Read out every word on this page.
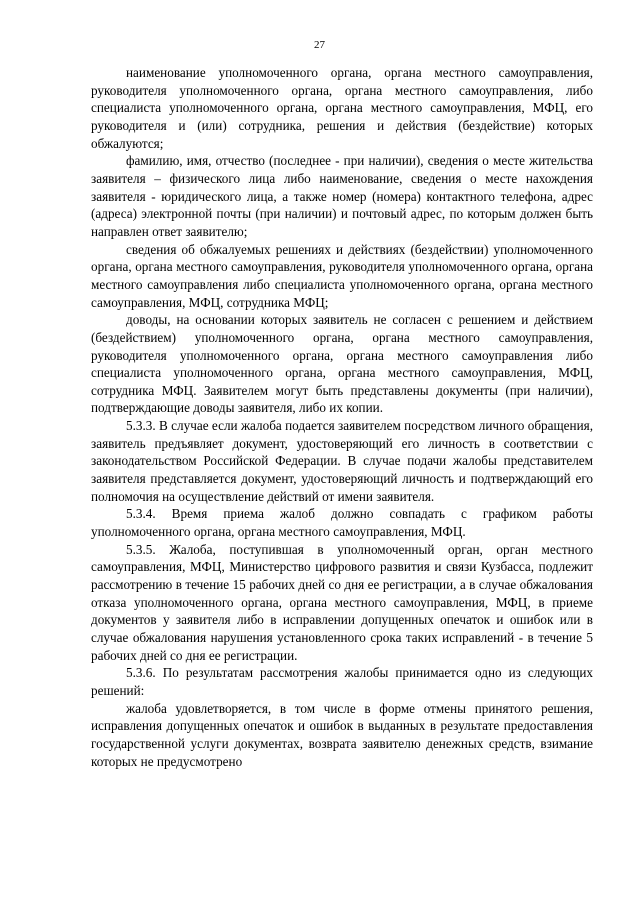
27

наименование уполномоченного органа, органа местного самоуправления, руководителя уполномоченного органа, органа местного самоуправления, либо специалиста уполномоченного органа, органа местного самоуправления, МФЦ, его руководителя и (или) сотрудника, решения и действия (бездействие) которых обжалуются;

фамилию, имя, отчество (последнее - при наличии), сведения о месте жительства заявителя – физического лица либо наименование, сведения о месте нахождения заявителя - юридического лица, а также номер (номера) контактного телефона, адрес (адреса) электронной почты (при наличии) и почтовый адрес, по которым должен быть направлен ответ заявителю;

сведения об обжалуемых решениях и действиях (бездействии) уполномоченного органа, органа местного самоуправления, руководителя уполномоченного органа, органа местного самоуправления либо специалиста уполномоченного органа, органа местного самоуправления, МФЦ, сотрудника МФЦ;

доводы, на основании которых заявитель не согласен с решением и действием (бездействием) уполномоченного органа, органа местного самоуправления, руководителя уполномоченного органа, органа местного самоуправления либо специалиста уполномоченного органа, органа местного самоуправления, МФЦ, сотрудника МФЦ. Заявителем могут быть представлены документы (при наличии), подтверждающие доводы заявителя, либо их копии.

5.3.3. В случае если жалоба подается заявителем посредством личного обращения, заявитель предъявляет документ, удостоверяющий его личность в соответствии с законодательством Российской Федерации. В случае подачи жалобы представителем заявителя представляется документ, удостоверяющий личность и подтверждающий его полномочия на осуществление действий от имени заявителя.

5.3.4. Время приема жалоб должно совпадать с графиком работы уполномоченного органа, органа местного самоуправления, МФЦ.

5.3.5. Жалоба, поступившая в уполномоченный орган, орган местного самоуправления, МФЦ, Министерство цифрового развития и связи Кузбасса, подлежит рассмотрению в течение 15 рабочих дней со дня ее регистрации, а в случае обжалования отказа уполномоченного органа, органа местного самоуправления, МФЦ, в приеме документов у заявителя либо в исправлении допущенных опечаток и ошибок или в случае обжалования нарушения установленного срока таких исправлений - в течение 5 рабочих дней со дня ее регистрации.

5.3.6. По результатам рассмотрения жалобы принимается одно из следующих решений:

жалоба удовлетворяется, в том числе в форме отмены принятого решения, исправления допущенных опечаток и ошибок в выданных в результате предоставления государственной услуги документах, возврата заявителю денежных средств, взимание которых не предусмотрено
